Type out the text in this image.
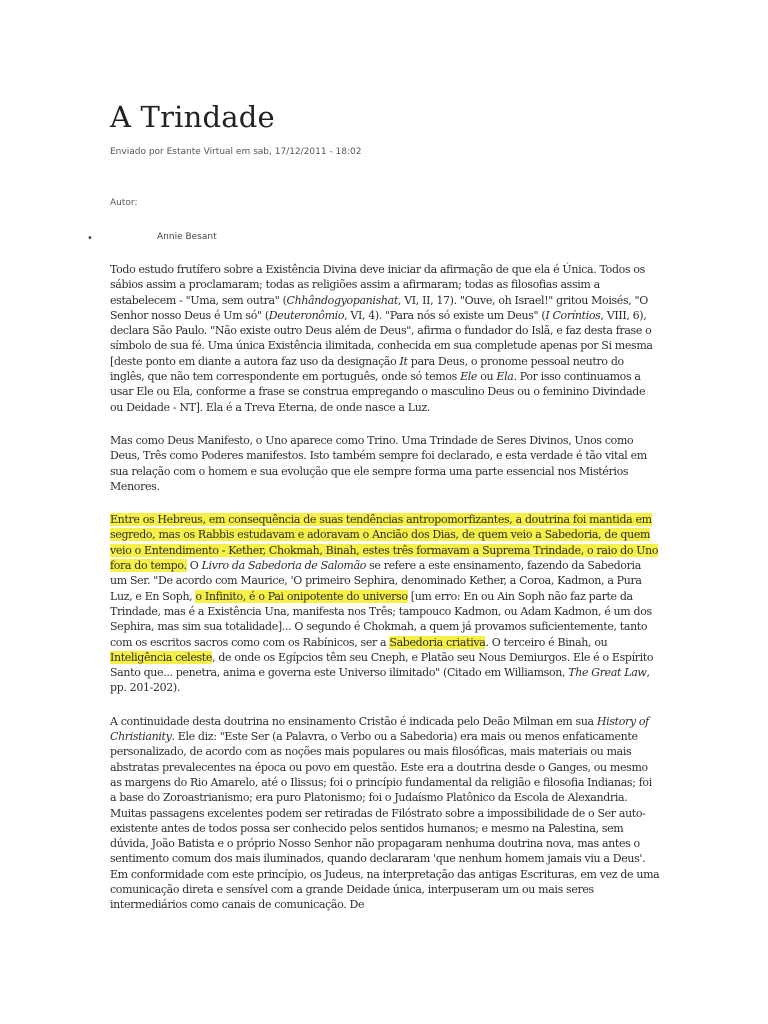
A Trindade
Enviado por Estante Virtual em sab, 17/12/2011 - 18:02
Autor:
•	Annie Besant

Todo estudo frutífero sobre a Existência Divina deve iniciar da afirmação de que ela é Única. Todos os sábios assim a proclamaram; todas as religiões assim a afirmaram; todas as filosofias assim a estabelecem - "Uma, sem outra" (Chhândogyopanishat, VI, II, 17). "Ouve, oh Israel!" gritou Moisés, "O Senhor nosso Deus é Um só" (Deuteronômio, VI, 4). "Para nós só existe um Deus" (I Coríntios, VIII, 6), declara São Paulo. "Não existe outro Deus além de Deus", afirma o fundador do Islã, e faz desta frase o símbolo de sua fé. Uma única Existência ilimitada, conhecida em sua completude apenas por Si mesma [deste ponto em diante a autora faz uso da designação It para Deus, o pronome pessoal neutro do inglês, que não tem correspondente em português, onde só temos Ele ou Ela. Por isso continuamos a usar Ele ou Ela, conforme a frase se construa empregando o masculino Deus ou o feminino Divindade ou Deidade - NT]. Ela é a Treva Eterna, de onde nasce a Luz.

Mas como Deus Manifesto, o Uno aparece como Trino. Uma Trindade de Seres Divinos, Unos como Deus, Três como Poderes manifestos. Isto também sempre foi declarado, e esta verdade é tão vital em sua relação com o homem e sua evolução que ele sempre forma uma parte essencial nos Mistérios Menores.

Entre os Hebreus, em consequência de suas tendências antropomorfizantes, a doutrina foi mantida em segredo, mas os Rabbis estudavam e adoravam o Ancião dos Dias, de quem veio a Sabedoria, de quem veio o Entendimento - Kether, Chokmah, Binah, estes três formavam a Suprema Trindade, o raio do Uno fora do tempo. O Livro da Sabedoria de Salomão se refere a este ensinamento, fazendo da Sabedoria um Ser. "De acordo com Maurice, 'O primeiro Sephira, denominado Kether, a Coroa, Kadmon, a Pura Luz, e En Soph, o Infinito, é o Pai onipotente do universo [um erro: En ou Ain Soph não faz parte da Trindade, mas é a Existência Una, manifesta nos Três; tampouco Kadmon, ou Adam Kadmon, é um dos Sephira, mas sim sua totalidade]... O segundo é Chokmah, a quem já provamos suficientemente, tanto com os escritos sacros como com os Rabínicos, ser a Sabedoria criativa. O terceiro é Binah, ou Inteligência celeste, de onde os Egípcios têm seu Cneph, e Platão seu Nous Demiurgos. Ele é o Espírito Santo que... penetra, anima e governa este Universo ilimitado" (Citado em Williamson, The Great Law, pp. 201-202).

A continuidade desta doutrina no ensinamento Cristão é indicada pelo Deão Milman em sua History of Christianity. Ele diz: "Este Ser (a Palavra, o Verbo ou a Sabedoria) era mais ou menos enfaticamente personalizado, de acordo com as noções mais populares ou mais filosóficas, mais materiais ou mais abstratas prevalecentes na época ou povo em questão. Este era a doutrina desde o Ganges, ou mesmo as margens do Rio Amarelo, até o Ilissus; foi o princípio fundamental da religião e filosofia Indianas; foi a base do Zoroastrianismo; era puro Platonismo; foi o Judaísmo Platônico da Escola de Alexandria. Muitas passagens excelentes podem ser retiradas de Filóstrato sobre a impossibilidade de o Ser auto-existente antes de todos possa ser conhecido pelos sentidos humanos; e mesmo na Palestina, sem dúvida, João Batista e o próprio Nosso Senhor não propagaram nenhuma doutrina nova, mas antes o sentimento comum dos mais iluminados, quando declararam 'que nenhum homem jamais viu a Deus'. Em conformidade com este princípio, os Judeus, na interpretação das antigas Escrituras, em vez de uma comunicação direta e sensível com a grande Deidade única, interpuseram um ou mais seres intermediários como canais de comunicação. De
